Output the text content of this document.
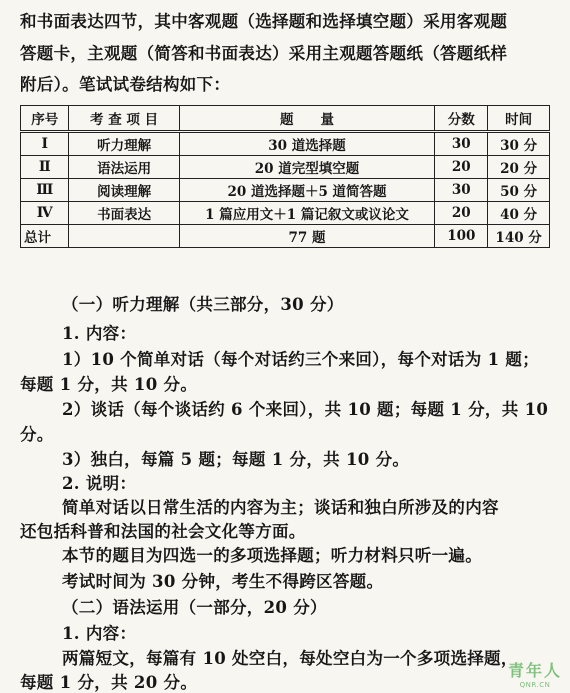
和书面表达四节，其中客观题（选择题和选择填空题）采用客观题
答题卡，主观题（简答和书面表达）采用主观题答题纸（答题纸样
附后）。笔试试卷结构如下：
序号	考 查 项 目	题　　量	分数	时间
Ⅰ	听力理解	30 道选择题	30	30 分
Ⅱ	语法运用	20 道完型填空题	20	20 分
Ⅲ	阅读理解	20 道选择题＋5 道简答题	30	50 分
Ⅳ	书面表达	1 篇应用文＋1 篇记叙文或议论文	20	40 分
总计		77 题	100	140 分
（一）听力理解（共三部分，30 分）
1. 内容：
1）10 个简单对话（每个对话约三个来回），每个对话为 1 题；
每题 1 分，共 10 分。
2）谈话（每个谈话约 6 个来回），共 10 题；每题 1 分，共 10
分。
3）独白，每篇 5 题；每题 1 分，共 10 分。
2. 说明：
简单对话以日常生活的内容为主；谈话和独白所涉及的内容
还包括科普和法国的社会文化等方面。
本节的题目为四选一的多项选择题；听力材料只听一遍。
考试时间为 30 分钟，考生不得跨区答题。
（二）语法运用（一部分，20 分）
1. 内容：
两篇短文，每篇有 10 处空白，每处空白为一个多项选择题，
每题 1 分，共 20 分。
青年人
QNR.CN
